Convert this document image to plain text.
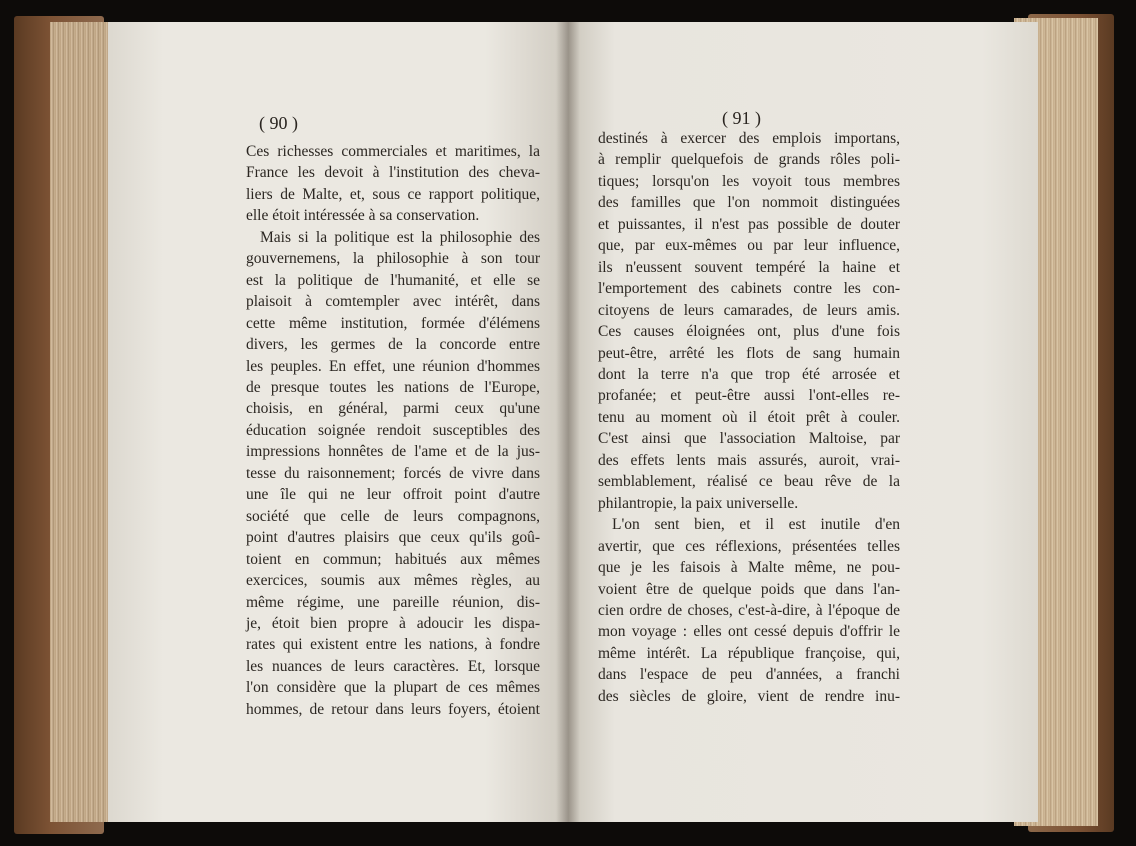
( 90 )	( 91 )
Ces richesses commerciales et maritimes, la
France les devoit à l'institution des cheva-
liers de Malte, et, sous ce rapport politique,
elle étoit intéressée à sa conservation.
Mais si la politique est la philosophie des
gouvernemens, la philosophie à son tour
est la politique de l'humanité, et elle se
plaisoit à comtempler avec intérêt, dans
cette même institution, formée d'élémens
divers, les germes de la concorde entre
les peuples. En effet, une réunion d'hommes
de presque toutes les nations de l'Europe,
choisis, en général, parmi ceux qu'une
éducation soignée rendoit susceptibles des
impressions honnêtes de l'ame et de la jus-
tesse du raisonnement; forcés de vivre dans
une île qui ne leur offroit point d'autre
société que celle de leurs compagnons,
point d'autres plaisirs que ceux qu'ils goû-
toient en commun; habitués aux mêmes
exercices, soumis aux mêmes règles, au
même régime, une pareille réunion, dis-
je, étoit bien propre à adoucir les dispa-
rates qui existent entre les nations, à fondre
les nuances de leurs caractères. Et, lorsque
l'on considère que la plupart de ces mêmes
hommes, de retour dans leurs foyers, étoient
destinés à exercer des emplois importans,
à remplir quelquefois de grands rôles poli-
tiques; lorsqu'on les voyoit tous membres
des familles que l'on nommoit distinguées
et puissantes, il n'est pas possible de douter
que, par eux-mêmes ou par leur influence,
ils n'eussent souvent tempéré la haine et
l'emportement des cabinets contre les con-
citoyens de leurs camarades, de leurs amis.
Ces causes éloignées ont, plus d'une fois
peut-être, arrêté les flots de sang humain
dont la terre n'a que trop été arrosée et
profanée; et peut-être aussi l'ont-elles re-
tenu au moment où il étoit prêt à couler.
C'est ainsi que l'association Maltoise, par
des effets lents mais assurés, auroit, vrai-
semblablement, réalisé ce beau rêve de la
philantropie, la paix universelle.
L'on sent bien, et il est inutile d'en
avertir, que ces réflexions, présentées telles
que je les faisois à Malte même, ne pou-
voient être de quelque poids que dans l'an-
cien ordre de choses, c'est-à-dire, à l'époque de
mon voyage : elles ont cessé depuis d'offrir le
même intérêt. La république françoise, qui,
dans l'espace de peu d'années, a franchi
des siècles de gloire, vient de rendre inu-
